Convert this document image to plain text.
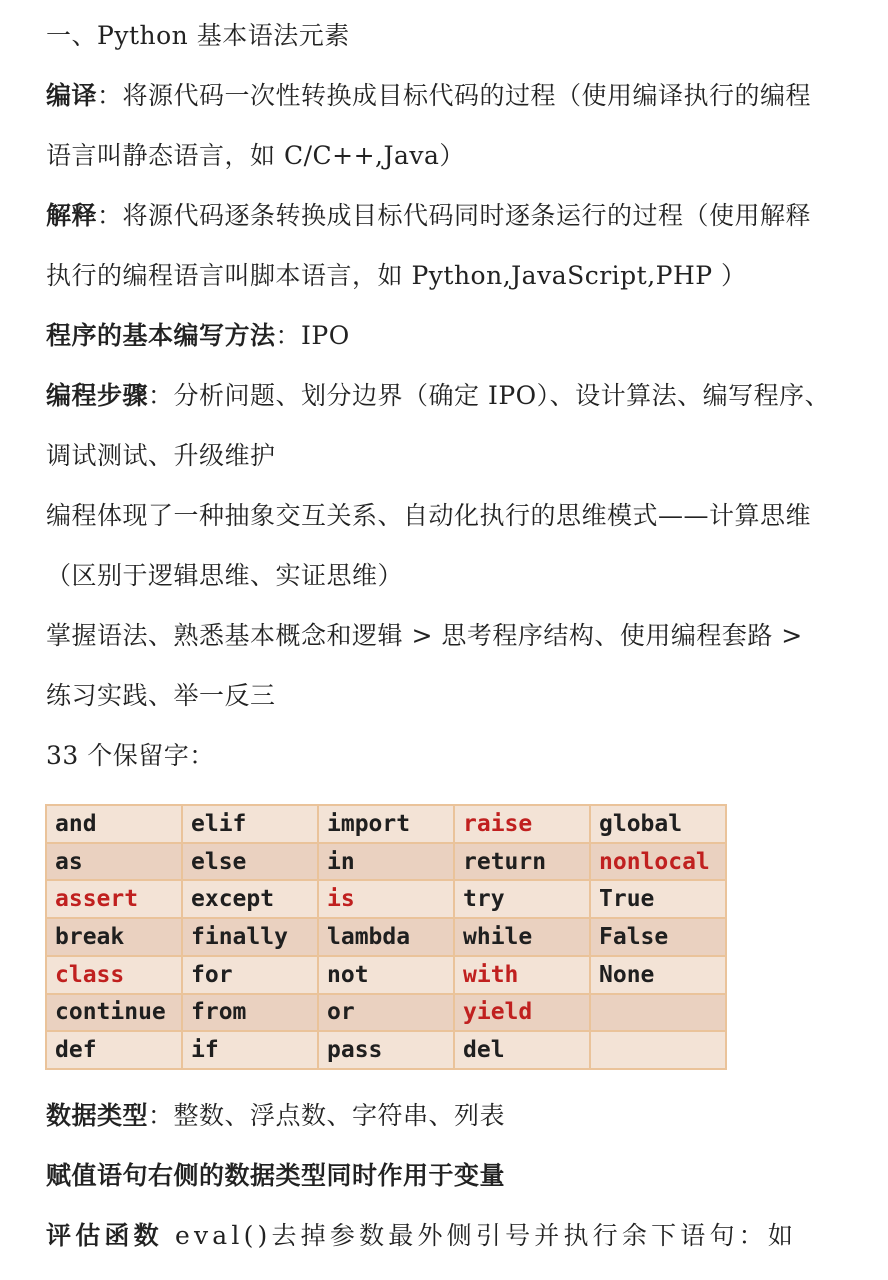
一、Python 基本语法元素
编译：将源代码一次性转换成目标代码的过程（使用编译执行的编程
语言叫静态语言，如 C/C++,Java）
解释：将源代码逐条转换成目标代码同时逐条运行的过程（使用解释
执行的编程语言叫脚本语言，如 Python,JavaScript,PHP ）
程序的基本编写方法：IPO
编程步骤：分析问题、划分边界（确定 IPO）、设计算法、编写程序、
调试测试、升级维护
编程体现了一种抽象交互关系、自动化执行的思维模式——计算思维
（区别于逻辑思维、实证思维）
掌握语法、熟悉基本概念和逻辑 > 思考程序结构、使用编程套路 >
练习实践、举一反三
33 个保留字：
and	elif	import	raise	global
as	else	in	return	nonlocal
assert	except	is	try	True
break	finally	lambda	while	False
class	for	not	with	None
continue	from	or	yield	
def	if	pass	del	
数据类型：整数、浮点数、字符串、列表
赋值语句右侧的数据类型同时作用于变量
评估函数 eval()去掉参数最外侧引号并执行余下语句：如
